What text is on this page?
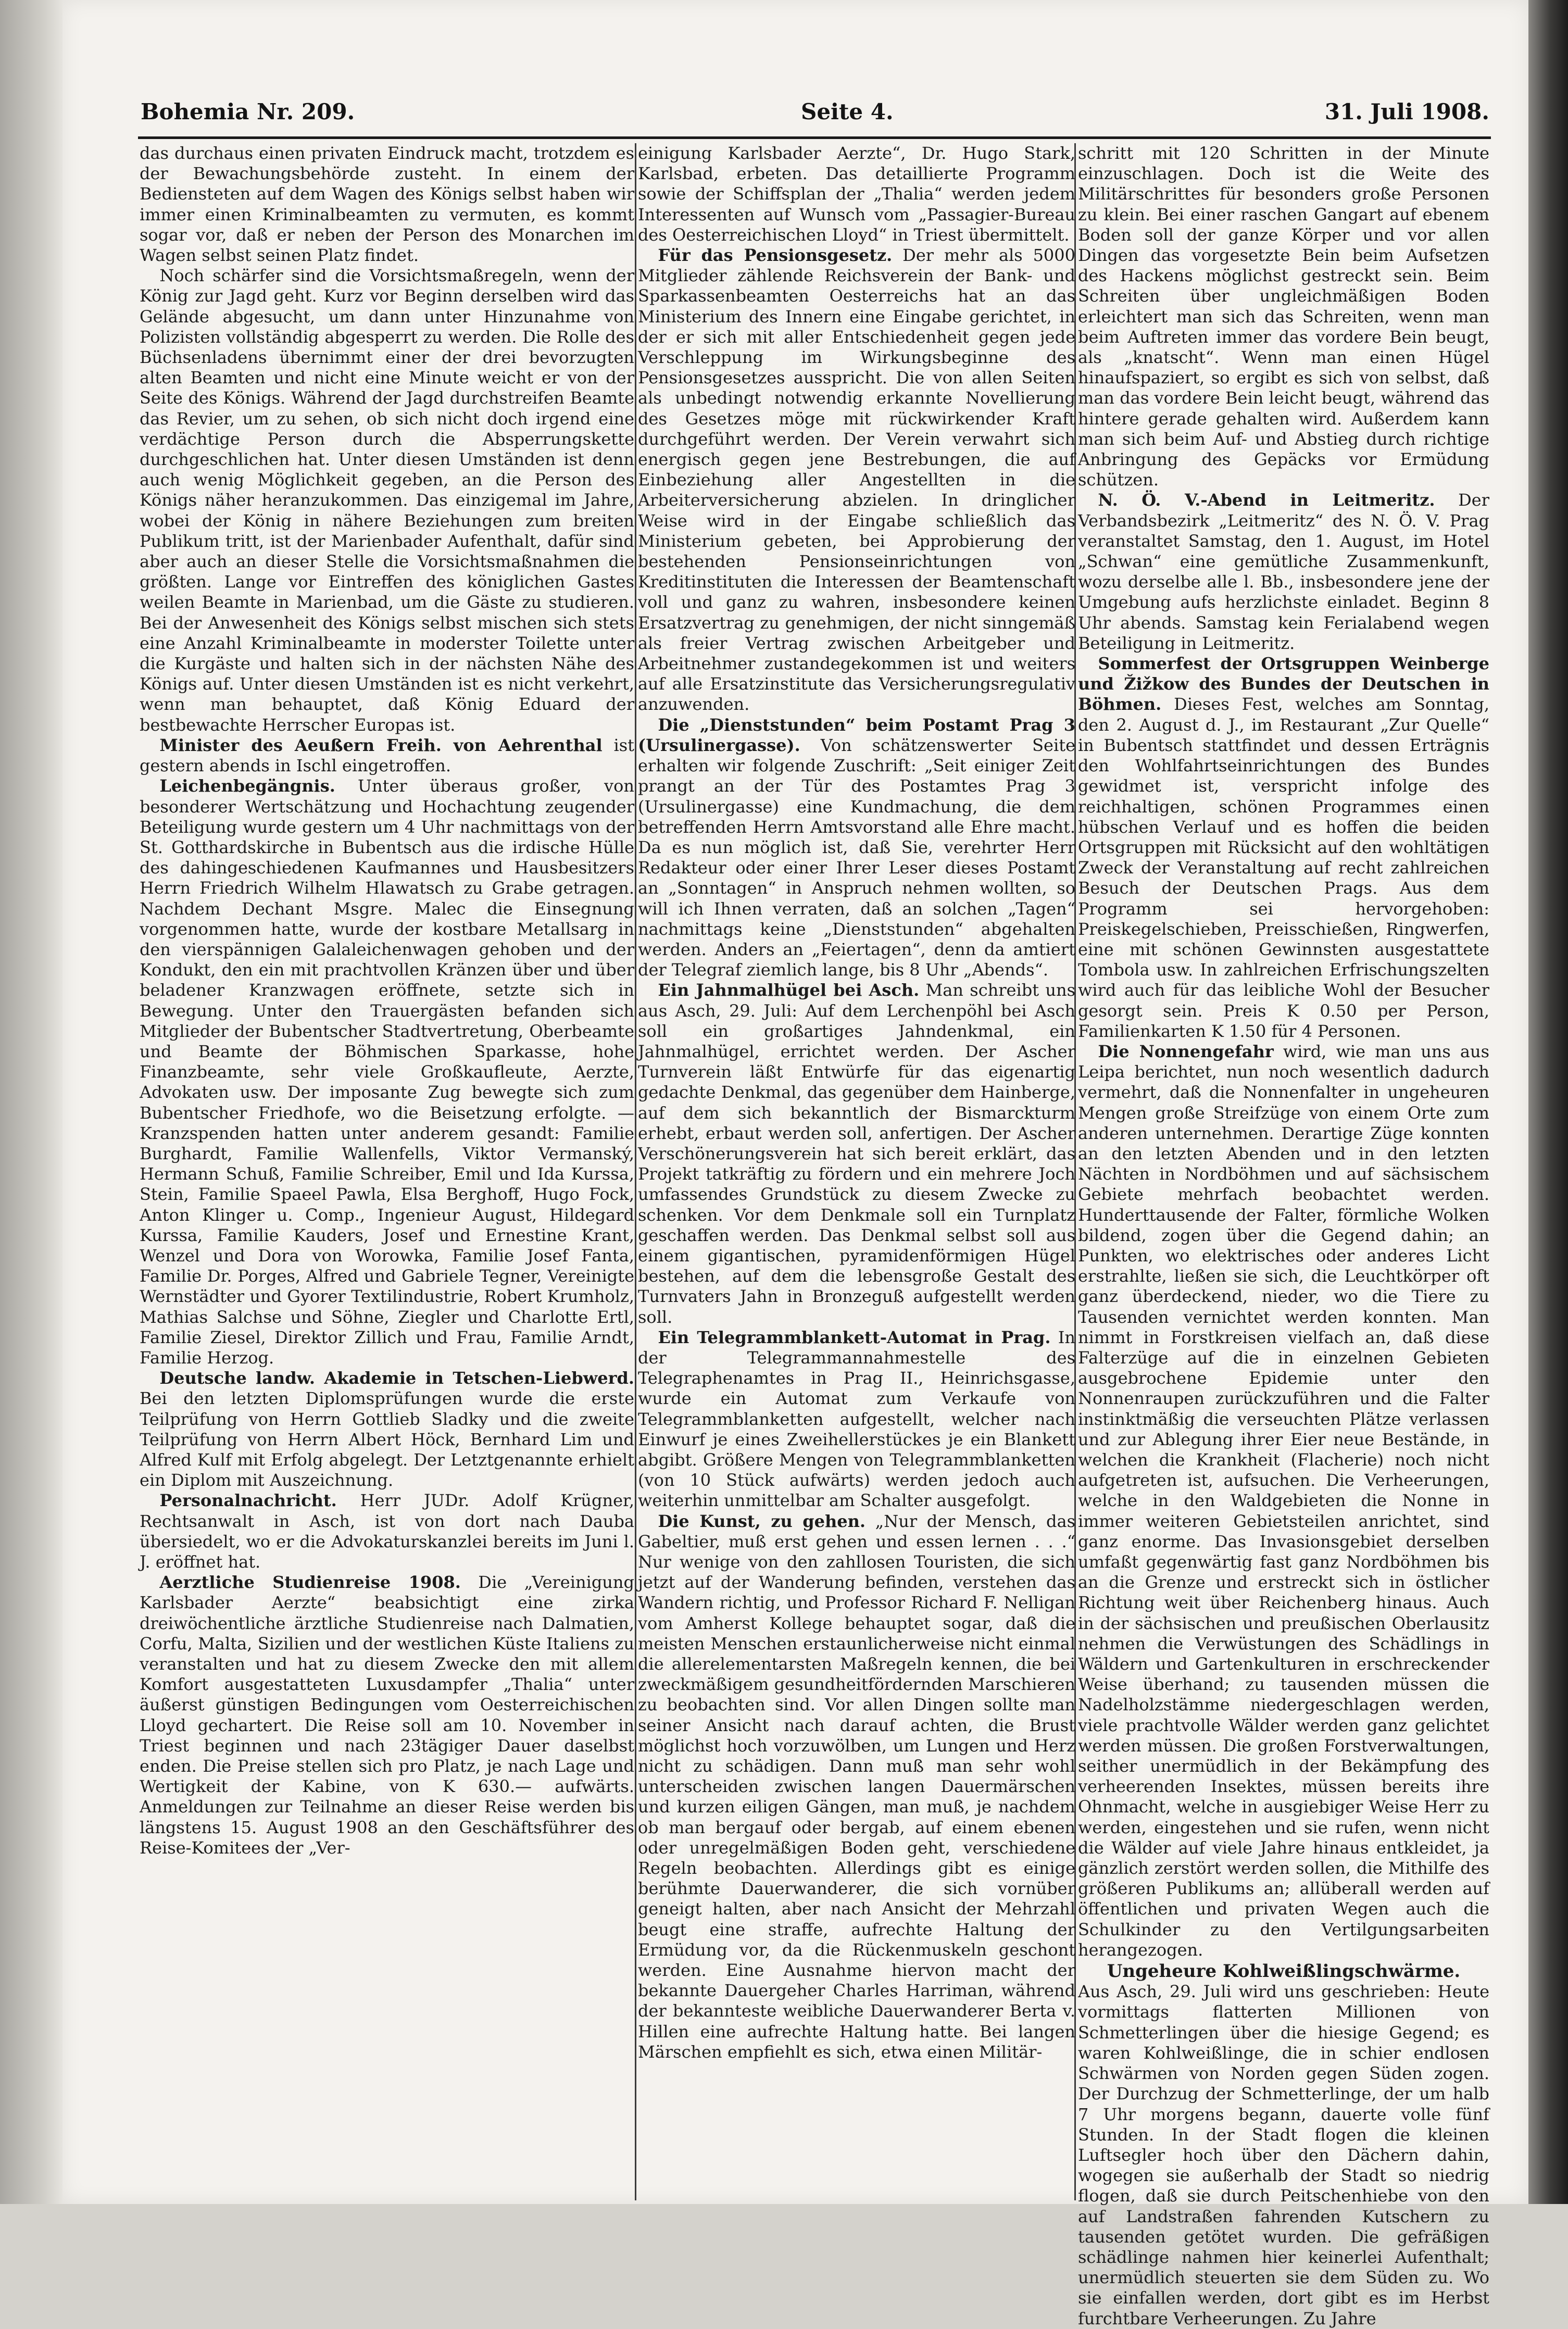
Bohemia Nr. 209.	Seite 4.	31. Juli 1908.

das durchaus einen privaten Eindruck macht, trotzdem es der Bewachungsbehörde zusteht. In einem der Bediensteten auf dem Wagen des Königs selbst haben wir immer einen Kriminalbeamten zu vermuten, es kommt sogar vor, daß er neben der Person des Monarchen im Wagen selbst seinen Platz findet.

Noch schärfer sind die Vorsichtsmaßregeln, wenn der König zur Jagd geht. Kurz vor Beginn derselben wird das Gelände abgesucht, um dann unter Hinzunahme von Polizisten vollständig abgesperrt zu werden. Die Rolle des Büchsenladens übernimmt einer der drei bevorzugten alten Beamten und nicht eine Minute weicht er von der Seite des Königs. Während der Jagd durchstreifen Beamte das Revier, um zu sehen, ob sich nicht doch irgend eine verdächtige Person durch die Absperrungskette durchgeschlichen hat. Unter diesen Umständen ist denn auch wenig Möglichkeit gegeben, an die Person des Königs näher heranzukommen. Das einzigemal im Jahre, wobei der König in nähere Beziehungen zum breiten Publikum tritt, ist der Marienbader Aufenthalt, dafür sind aber auch an dieser Stelle die Vorsichtsmaßnahmen die größten. Lange vor Eintreffen des königlichen Gastes weilen Beamte in Marienbad, um die Gäste zu studieren. Bei der Anwesenheit des Königs selbst mischen sich stets eine Anzahl Kriminalbeamte in moderster Toilette unter die Kurgäste und halten sich in der nächsten Nähe des Königs auf. Unter diesen Umständen ist es nicht verkehrt, wenn man behauptet, daß König Eduard der bestbewachte Herrscher Europas ist.

Minister des Aeußern Freih. von Aehrenthal ist gestern abends in Ischl eingetroffen.

Leichenbegängnis. Unter überaus großer, von besonderer Wertschätzung und Hochachtung zeugender Beteiligung wurde gestern um 4 Uhr nachmittags von der St. Gotthardskirche in Bubentsch aus die irdische Hülle des dahingeschiedenen Kaufmannes und Hausbesitzers Herrn Friedrich Wilhelm Hlawatsch zu Grabe getragen. Nachdem Dechant Msgre. Malec die Einsegnung vorgenommen hatte, wurde der kostbare Metallsarg in den vierspännigen Galaleichenwagen gehoben und der Kondukt, den ein mit prachtvollen Kränzen über und über beladener Kranzwagen eröffnete, setzte sich in Bewegung. Unter den Trauergästen befanden sich Mitglieder der Bubentscher Stadtvertretung, Oberbeamte und Beamte der Böhmischen Sparkasse, hohe Finanzbeamte, sehr viele Großkaufleute, Aerzte, Advokaten usw. Der imposante Zug bewegte sich zum Bubentscher Friedhofe, wo die Beisetzung erfolgte. — Kranzspenden hatten unter anderem gesandt: Familie Burghardt, Familie Wallenfells, Viktor Vermanský, Hermann Schuß, Familie Schreiber, Emil und Ida Kurssa, Stein, Familie Spaeel Pawla, Elsa Berghoff, Hugo Fock, Anton Klinger u. Comp., Ingenieur August, Hildegard Kurssa, Familie Kauders, Josef und Ernestine Krant, Wenzel und Dora von Worowka, Familie Josef Fanta, Familie Dr. Porges, Alfred und Gabriele Tegner, Vereinigte Wernstädter und Gyorer Textilindustrie, Robert Krumholz, Mathias Salchse und Söhne, Ziegler und Charlotte Ertl, Familie Ziesel, Direktor Zillich und Frau, Familie Arndt, Familie Herzog.

Deutsche landw. Akademie in Tetschen-Liebwerd. Bei den letzten Diplomsprüfungen wurde die erste Teilprüfung von Herrn Gottlieb Sladky und die zweite Teilprüfung von Herrn Albert Höck, Bernhard Lim und Alfred Kulf mit Erfolg abgelegt. Der Letztgenannte erhielt ein Diplom mit Auszeichnung.

Personalnachricht. Herr JUDr. Adolf Krügner, Rechtsanwalt in Asch, ist von dort nach Dauba übersiedelt, wo er die Advokaturskanzlei bereits im Juni l. J. eröffnet hat.

Aerztliche Studienreise 1908. Die „Vereinigung Karlsbader Aerzte“ beabsichtigt eine zirka dreiwöchentliche ärztliche Studienreise nach Dalmatien, Corfu, Malta, Sizilien und der westlichen Küste Italiens zu veranstalten und hat zu diesem Zwecke den mit allem Komfort ausgestatteten Luxusdampfer „Thalia“ unter äußerst günstigen Bedingungen vom Oesterreichischen Lloyd gechartert. Die Reise soll am 10. November in Triest beginnen und nach 23tägiger Dauer daselbst enden. Die Preise stellen sich pro Platz, je nach Lage und Wertigkeit der Kabine, von K 630.— aufwärts. Anmeldungen zur Teilnahme an dieser Reise werden bis längstens 15. August 1908 an den Geschäftsführer des Reise-Komitees der „Ver-

einigung Karlsbader Aerzte“, Dr. Hugo Stark, Karlsbad, erbeten. Das detaillierte Programm sowie der Schiffsplan der „Thalia“ werden jedem Interessenten auf Wunsch vom „Passagier-Bureau des Oesterreichischen Lloyd“ in Triest übermittelt.

Für das Pensionsgesetz. Der mehr als 5000 Mitglieder zählende Reichsverein der Bank- und Sparkassenbeamten Oesterreichs hat an das Ministerium des Innern eine Eingabe gerichtet, in der er sich mit aller Entschiedenheit gegen jede Verschleppung im Wirkungsbeginne des Pensionsgesetzes ausspricht. Die von allen Seiten als unbedingt notwendig erkannte Novellierung des Gesetzes möge mit rückwirkender Kraft durchgeführt werden. Der Verein verwahrt sich energisch gegen jene Bestrebungen, die auf Einbeziehung aller Angestellten in die Arbeiterversicherung abzielen. In dringlicher Weise wird in der Eingabe schließlich das Ministerium gebeten, bei Approbierung der bestehenden Pensionseinrichtungen von Kreditinstituten die Interessen der Beamtenschaft voll und ganz zu wahren, insbesondere keinen Ersatzvertrag zu genehmigen, der nicht sinngemäß als freier Vertrag zwischen Arbeitgeber und Arbeitnehmer zustandegekommen ist und weiters auf alle Ersatzinstitute das Versicherungsregulativ anzuwenden.

Die „Dienststunden“ beim Postamt Prag 3 (Ursulinergasse). Von schätzenswerter Seite erhalten wir folgende Zuschrift: „Seit einiger Zeit prangt an der Tür des Postamtes Prag 3 (Ursulinergasse) eine Kundmachung, die dem betreffenden Herrn Amtsvorstand alle Ehre macht. Da es nun möglich ist, daß Sie, verehrter Herr Redakteur oder einer Ihrer Leser dieses Postamt an „Sonntagen“ in Anspruch nehmen wollten, so will ich Ihnen verraten, daß an solchen „Tagen“ nachmittags keine „Dienststunden“ abgehalten werden. Anders an „Feiertagen“, denn da amtiert der Telegraf ziemlich lange, bis 8 Uhr „Abends“.

Ein Jahnmalhügel bei Asch. Man schreibt uns aus Asch, 29. Juli: Auf dem Lerchenpöhl bei Asch soll ein großartiges Jahndenkmal, ein Jahnmalhügel, errichtet werden. Der Ascher Turnverein läßt Entwürfe für das eigenartig gedachte Denkmal, das gegenüber dem Hainberge, auf dem sich bekanntlich der Bismarckturm erhebt, erbaut werden soll, anfertigen. Der Ascher Verschönerungsverein hat sich bereit erklärt, das Projekt tatkräftig zu fördern und ein mehrere Joch umfassendes Grundstück zu diesem Zwecke zu schenken. Vor dem Denkmale soll ein Turnplatz geschaffen werden. Das Denkmal selbst soll aus einem gigantischen, pyramidenförmigen Hügel bestehen, auf dem die lebensgroße Gestalt des Turnvaters Jahn in Bronzeguß aufgestellt werden soll.

Ein Telegrammblankett-Automat in Prag. In der Telegrammannahmestelle des Telegraphenamtes in Prag II., Heinrichsgasse, wurde ein Automat zum Verkaufe von Telegrammblanketten aufgestellt, welcher nach Einwurf je eines Zweihellerstückes je ein Blankett abgibt. Größere Mengen von Telegrammblanketten (von 10 Stück aufwärts) werden jedoch auch weiterhin unmittelbar am Schalter ausgefolgt.

Die Kunst, zu gehen. „Nur der Mensch, das Gabeltier, muß erst gehen und essen lernen . . .“ Nur wenige von den zahllosen Touristen, die sich jetzt auf der Wanderung befinden, verstehen das Wandern richtig, und Professor Richard F. Nelligan vom Amherst Kollege behauptet sogar, daß die meisten Menschen erstaunlicherweise nicht einmal die allerelementarsten Maßregeln kennen, die bei zweckmäßigem gesundheitfördernden Marschieren zu beobachten sind. Vor allen Dingen sollte man seiner Ansicht nach darauf achten, die Brust möglichst hoch vorzuwölben, um Lungen und Herz nicht zu schädigen. Dann muß man sehr wohl unterscheiden zwischen langen Dauermärschen und kurzen eiligen Gängen, man muß, je nachdem ob man bergauf oder bergab, auf einem ebenen oder unregelmäßigen Boden geht, verschiedene Regeln beobachten. Allerdings gibt es einige berühmte Dauerwanderer, die sich vornüber geneigt halten, aber nach Ansicht der Mehrzahl beugt eine straffe, aufrechte Haltung der Ermüdung vor, da die Rückenmuskeln geschont werden. Eine Ausnahme hiervon macht der bekannte Dauergeher Charles Harriman, während der bekannteste weibliche Dauerwanderer Berta v. Hillen eine aufrechte Haltung hatte. Bei langen Märschen empfiehlt es sich, etwa einen Militär-

schritt mit 120 Schritten in der Minute einzuschlagen. Doch ist die Weite des Militärschrittes für besonders große Personen zu klein. Bei einer raschen Gangart auf ebenem Boden soll der ganze Körper und vor allen Dingen das vorgesetzte Bein beim Aufsetzen des Hackens möglichst gestreckt sein. Beim Schreiten über ungleichmäßigen Boden erleichtert man sich das Schreiten, wenn man beim Auftreten immer das vordere Bein beugt, als „knatscht“. Wenn man einen Hügel hinaufspaziert, so ergibt es sich von selbst, daß man das vordere Bein leicht beugt, während das hintere gerade gehalten wird. Außerdem kann man sich beim Auf- und Abstieg durch richtige Anbringung des Gepäcks vor Ermüdung schützen.

N. Ö. V.-Abend in Leitmeritz. Der Verbandsbezirk „Leitmeritz“ des N. Ö. V. Prag veranstaltet Samstag, den 1. August, im Hotel „Schwan“ eine gemütliche Zusammenkunft, wozu derselbe alle l. Bb., insbesondere jene der Umgebung aufs herzlichste einladet. Beginn 8 Uhr abends. Samstag kein Ferialabend wegen Beteiligung in Leitmeritz.

Sommerfest der Ortsgruppen Weinberge und Žižkow des Bundes der Deutschen in Böhmen. Dieses Fest, welches am Sonntag, den 2. August d. J., im Restaurant „Zur Quelle“ in Bubentsch stattfindet und dessen Erträgnis den Wohlfahrtseinrichtungen des Bundes gewidmet ist, verspricht infolge des reichhaltigen, schönen Programmes einen hübschen Verlauf und es hoffen die beiden Ortsgruppen mit Rücksicht auf den wohltätigen Zweck der Veranstaltung auf recht zahlreichen Besuch der Deutschen Prags. Aus dem Programm sei hervorgehoben: Preiskegelschieben, Preisschießen, Ringwerfen, eine mit schönen Gewinnsten ausgestattete Tombola usw. In zahlreichen Erfrischungszelten wird auch für das leibliche Wohl der Besucher gesorgt sein. Preis K 0.50 per Person, Familienkarten K 1.50 für 4 Personen.

Die Nonnengefahr wird, wie man uns aus Leipa berichtet, nun noch wesentlich dadurch vermehrt, daß die Nonnenfalter in ungeheuren Mengen große Streifzüge von einem Orte zum anderen unternehmen. Derartige Züge konnten an den letzten Abenden und in den letzten Nächten in Nordböhmen und auf sächsischem Gebiete mehrfach beobachtet werden. Hunderttausende der Falter, förmliche Wolken bildend, zogen über die Gegend dahin; an Punkten, wo elektrisches oder anderes Licht erstrahlte, ließen sie sich, die Leuchtkörper oft ganz überdeckend, nieder, wo die Tiere zu Tausenden vernichtet werden konnten. Man nimmt in Forstkreisen vielfach an, daß diese Falterzüge auf die in einzelnen Gebieten ausgebrochene Epidemie unter den Nonnenraupen zurückzuführen und die Falter instinktmäßig die verseuchten Plätze verlassen und zur Ablegung ihrer Eier neue Bestände, in welchen die Krankheit (Flacherie) noch nicht aufgetreten ist, aufsuchen. Die Verheerungen, welche in den Waldgebieten die Nonne in immer weiteren Gebietsteilen anrichtet, sind ganz enorme. Das Invasionsgebiet derselben umfaßt gegenwärtig fast ganz Nordböhmen bis an die Grenze und erstreckt sich in östlicher Richtung weit über Reichenberg hinaus. Auch in der sächsischen und preußischen Oberlausitz nehmen die Verwüstungen des Schädlings in Wäldern und Gartenkulturen in erschreckender Weise überhand; zu tausenden müssen die Nadelholzstämme niedergeschlagen werden, viele prachtvolle Wälder werden ganz gelichtet werden müssen. Die großen Forstverwaltungen, seither unermüdlich in der Bekämpfung des verheerenden Insektes, müssen bereits ihre Ohnmacht, welche in ausgiebiger Weise Herr zu werden, eingestehen und sie rufen, wenn nicht die Wälder auf viele Jahre hinaus entkleidet, ja gänzlich zerstört werden sollen, die Mithilfe des größeren Publikums an; allüberall werden auf öffentlichen und privaten Wegen auch die Schulkinder zu den Vertilgungsarbeiten herangezogen.

Ungeheure Kohlweißlingschwärme.

Aus Asch, 29. Juli wird uns geschrieben: Heute vormittags flatterten Millionen von Schmetterlingen über die hiesige Gegend; es waren Kohlweißlinge, die in schier endlosen Schwärmen von Norden gegen Süden zogen. Der Durchzug der Schmetterlinge, der um halb 7 Uhr morgens begann, dauerte volle fünf Stunden. In der Stadt flogen die kleinen Luftsegler hoch über den Dächern dahin, wogegen sie außerhalb der Stadt so niedrig flogen, daß sie durch Peitschenhiebe von den auf Landstraßen fahrenden Kutschern zu tausenden getötet wurden. Die gefräßigen schädlinge nahmen hier keinerlei Aufenthalt; unermüdlich steuerten sie dem Süden zu. Wo sie einfallen werden, dort gibt es im Herbst furchtbare Verheerungen. Zu Jahre
